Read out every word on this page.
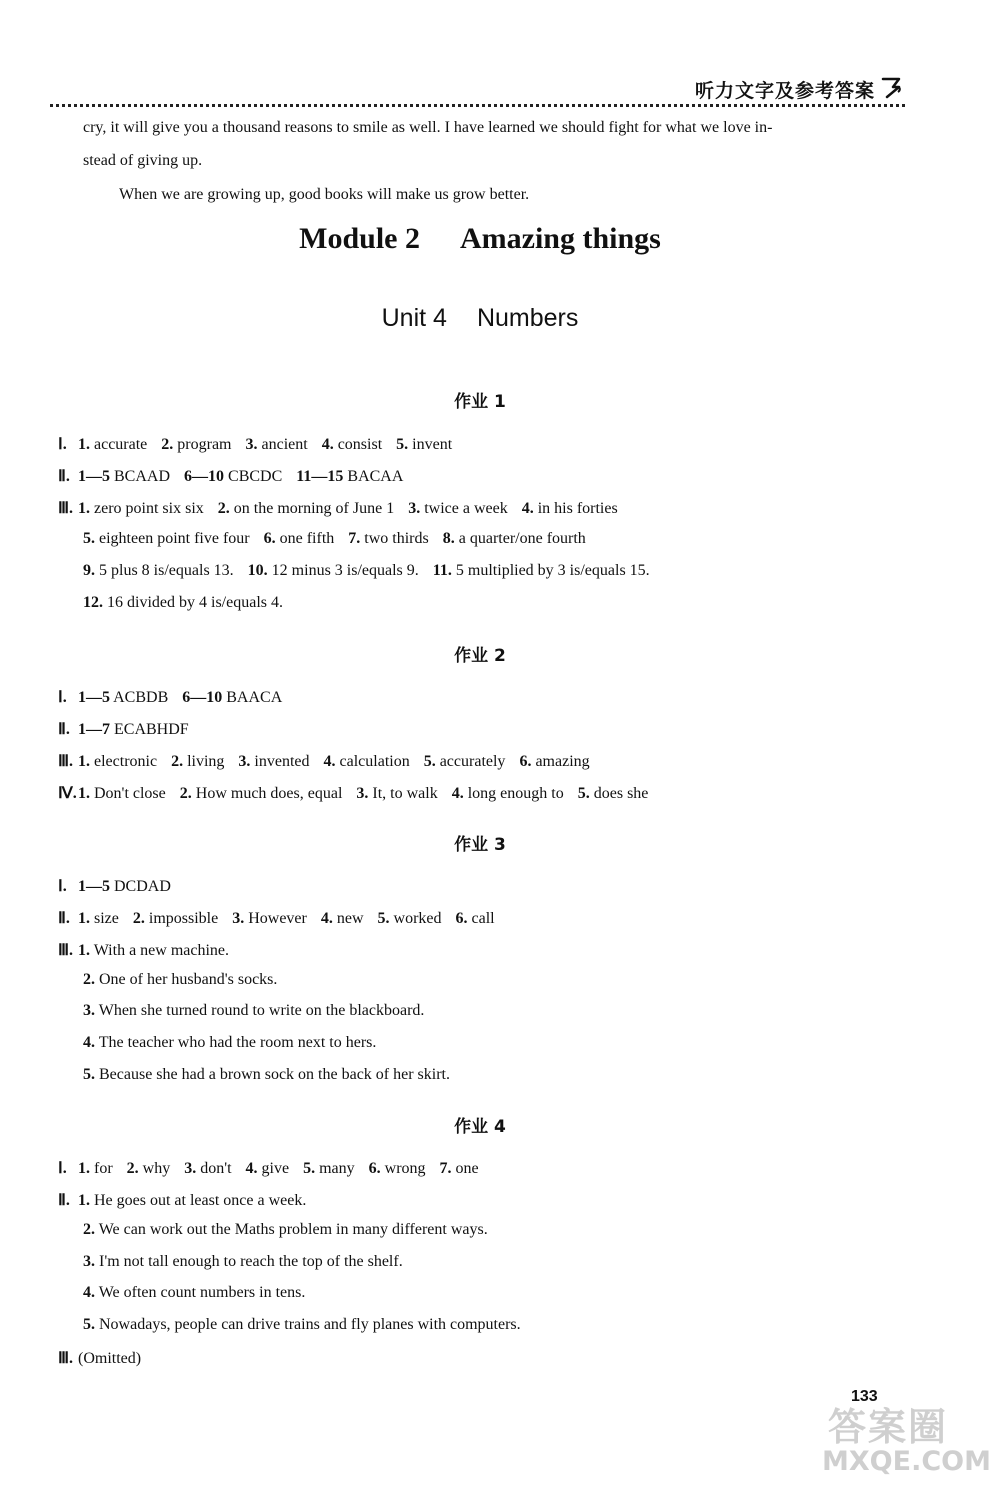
听力文字及参考答案
cry, it will give you a thousand reasons to smile as well. I have learned we should fight for what we love in-
stead of giving up.
When we are growing up, good books will make us grow better.
Module 2 Amazing things
Unit 4 Numbers
作业 1
Ⅰ. 1. accurate 2. program 3. ancient 4. consist 5. invent
Ⅱ. 1—5 BCAAD 6—10 CBCDC 11—15 BACAA
Ⅲ. 1. zero point six six 2. on the morning of June 1 3. twice a week 4. in his forties
5. eighteen point five four 6. one fifth 7. two thirds 8. a quarter/one fourth
9. 5 plus 8 is/equals 13. 10. 12 minus 3 is/equals 9. 11. 5 multiplied by 3 is/equals 15.
12. 16 divided by 4 is/equals 4.
作业 2
Ⅰ. 1—5 ACBDB 6—10 BAACA
Ⅱ. 1—7 ECABHDF
Ⅲ. 1. electronic 2. living 3. invented 4. calculation 5. accurately 6. amazing
Ⅳ.1. Don't close 2. How much does, equal 3. It, to walk 4. long enough to 5. does she
作业 3
Ⅰ. 1—5 DCDAD
Ⅱ. 1. size 2. impossible 3. However 4. new 5. worked 6. call
Ⅲ. 1. With a new machine.
2. One of her husband's socks.
3. When she turned round to write on the blackboard.
4. The teacher who had the room next to hers.
5. Because she had a brown sock on the back of her skirt.
作业 4
Ⅰ. 1. for 2. why 3. don't 4. give 5. many 6. wrong 7. one
Ⅱ. 1. He goes out at least once a week.
2. We can work out the Maths problem in many different ways.
3. I'm not tall enough to reach the top of the shelf.
4. We often count numbers in tens.
5. Nowadays, people can drive trains and fly planes with computers.
Ⅲ. (Omitted)
133
答案圈
MXQE.COM
